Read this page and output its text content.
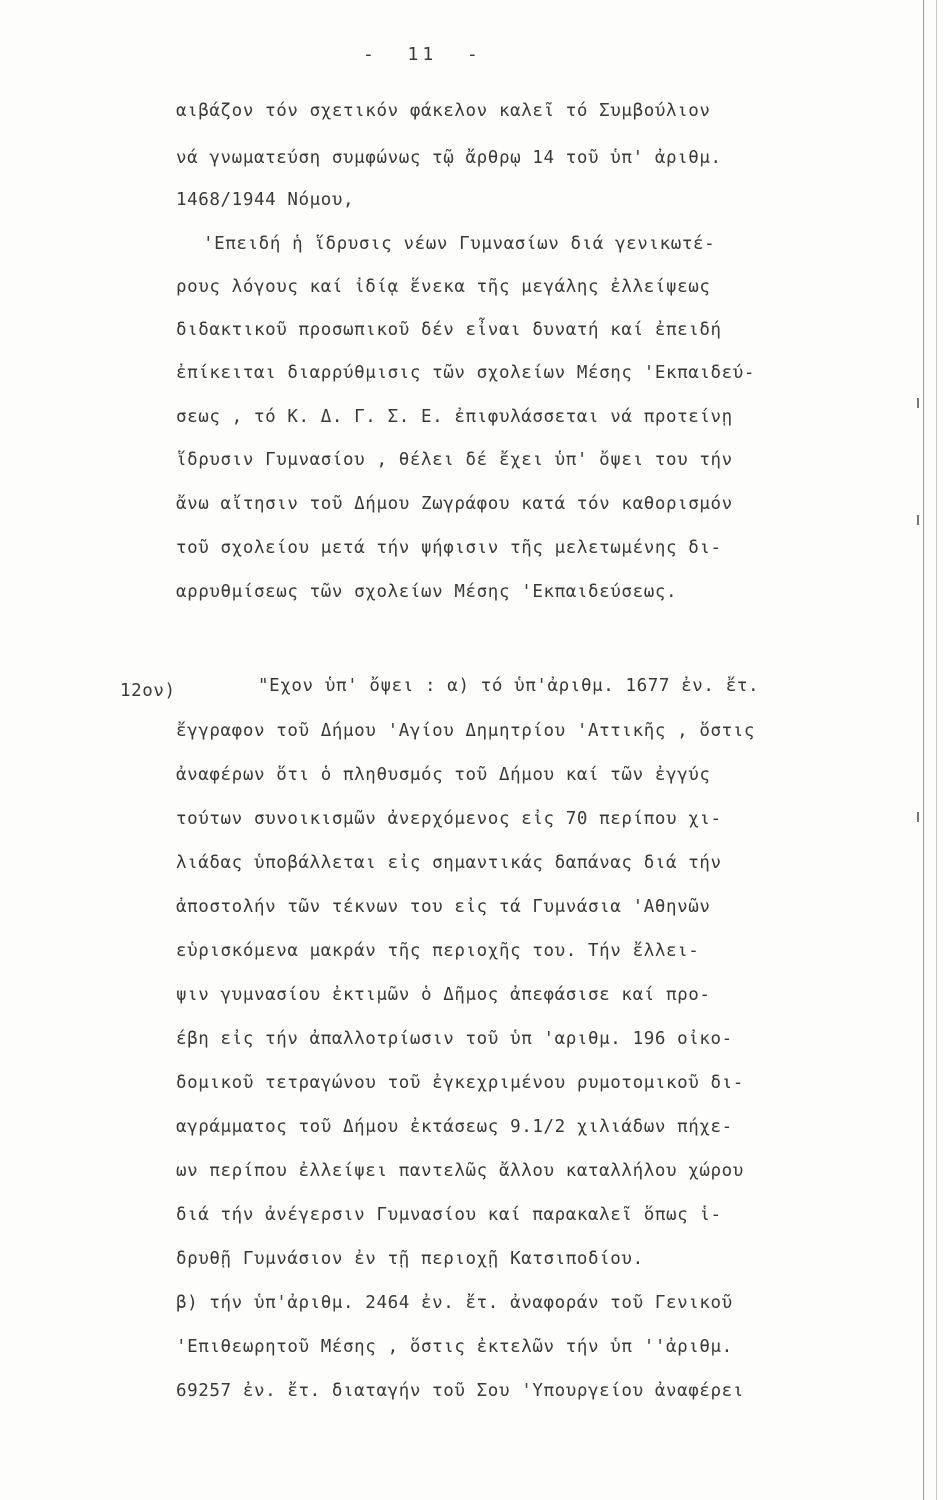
-  11  -
αιβάζον τόν σχετικόν φάκελον καλεῖ τό Συμβούλιον
νά γνωματεύση συμφώνως τῷ ἄρθρῳ 14 τοῦ ὑπ' ἀριθμ.
1468/1944 Νόμου,
'Επειδή ἡ ἵδρυσις νέων Γυμνασίων διά γενικωτέ-
ρους λόγους καί ἰδίᾳ ἕνεκα τῆς μεγάλης ἐλλείψεως
διδακτικοῦ προσωπικοῦ δέν εἶναι δυνατή καί ἐπειδή
ἐπίκειται διαρρύθμισις τῶν σχολείων Μέσης 'Εκπαιδεύ-
σεως , τό Κ. Δ. Γ. Σ. Ε. ἐπιφυλάσσεται νά προτείνῃ
ἵδρυσιν Γυμνασίου , θέλει δέ ἔχει ὑπ' ὄψει του τήν
ἄνω αἴτησιν τοῦ Δήμου Ζωγράφου κατά τόν καθορισμόν
τοῦ σχολείου μετά τήν ψήφισιν τῆς μελετωμένης δι-
αρρυθμίσεως τῶν σχολείων Μέσης 'Εκπαιδεύσεως.
12ον)	"Εχον ὑπ' ὄψει : α) τό ὑπ'ἀριθμ. 1677 ἐν. ἔτ.
ἔγγραφον τοῦ Δήμου 'Αγίου Δημητρίου 'Αττικῆς , ὅστις
ἀναφέρων ὅτι ὁ πληθυσμός τοῦ Δήμου καί τῶν ἐγγύς
τούτων συνοικισμῶν ἀνερχόμενος εἰς 70 περίπου χι-
λιάδας ὑποβάλλεται εἰς σημαντικάς δαπάνας διά τήν
ἀποστολήν τῶν τέκνων του εἰς τά Γυμνάσια 'Αθηνῶν
εὑρισκόμενα μακράν τῆς περιοχῆς του. Τήν ἔλλει-
ψιν γυμνασίου ἐκτιμῶν ὁ Δῆμος ἀπεφάσισε καί προ-
έβη εἰς τήν ἀπαλλοτρίωσιν τοῦ ὑπ 'αριθμ. 196 οἰκο-
δομικοῦ τετραγώνου τοῦ ἐγκεχριμένου ρυμοτομικοῦ δι-
αγράμματος τοῦ Δήμου ἐκτάσεως 9.1/2 χιλιάδων πήχε-
ων περίπου ἐλλείψει παντελῶς ἄλλου καταλλήλου χώρου
διά τήν ἀνέγερσιν Γυμνασίου καί παρακαλεῖ ὅπως ἱ-
δρυθῇ Γυμνάσιον ἐν τῇ περιοχῇ Κατσιποδίου.
β) τήν ὑπ'ἀριθμ. 2464 ἐν. ἔτ. ἀναφοράν τοῦ Γενικοῦ
'Επιθεωρητοῦ Μέσης , ὅστις ἐκτελῶν τήν ὑπ ''ἀριθμ.
69257 ἐν. ἔτ. διαταγήν τοῦ Σου 'Υπουργείου ἀναφέρει
